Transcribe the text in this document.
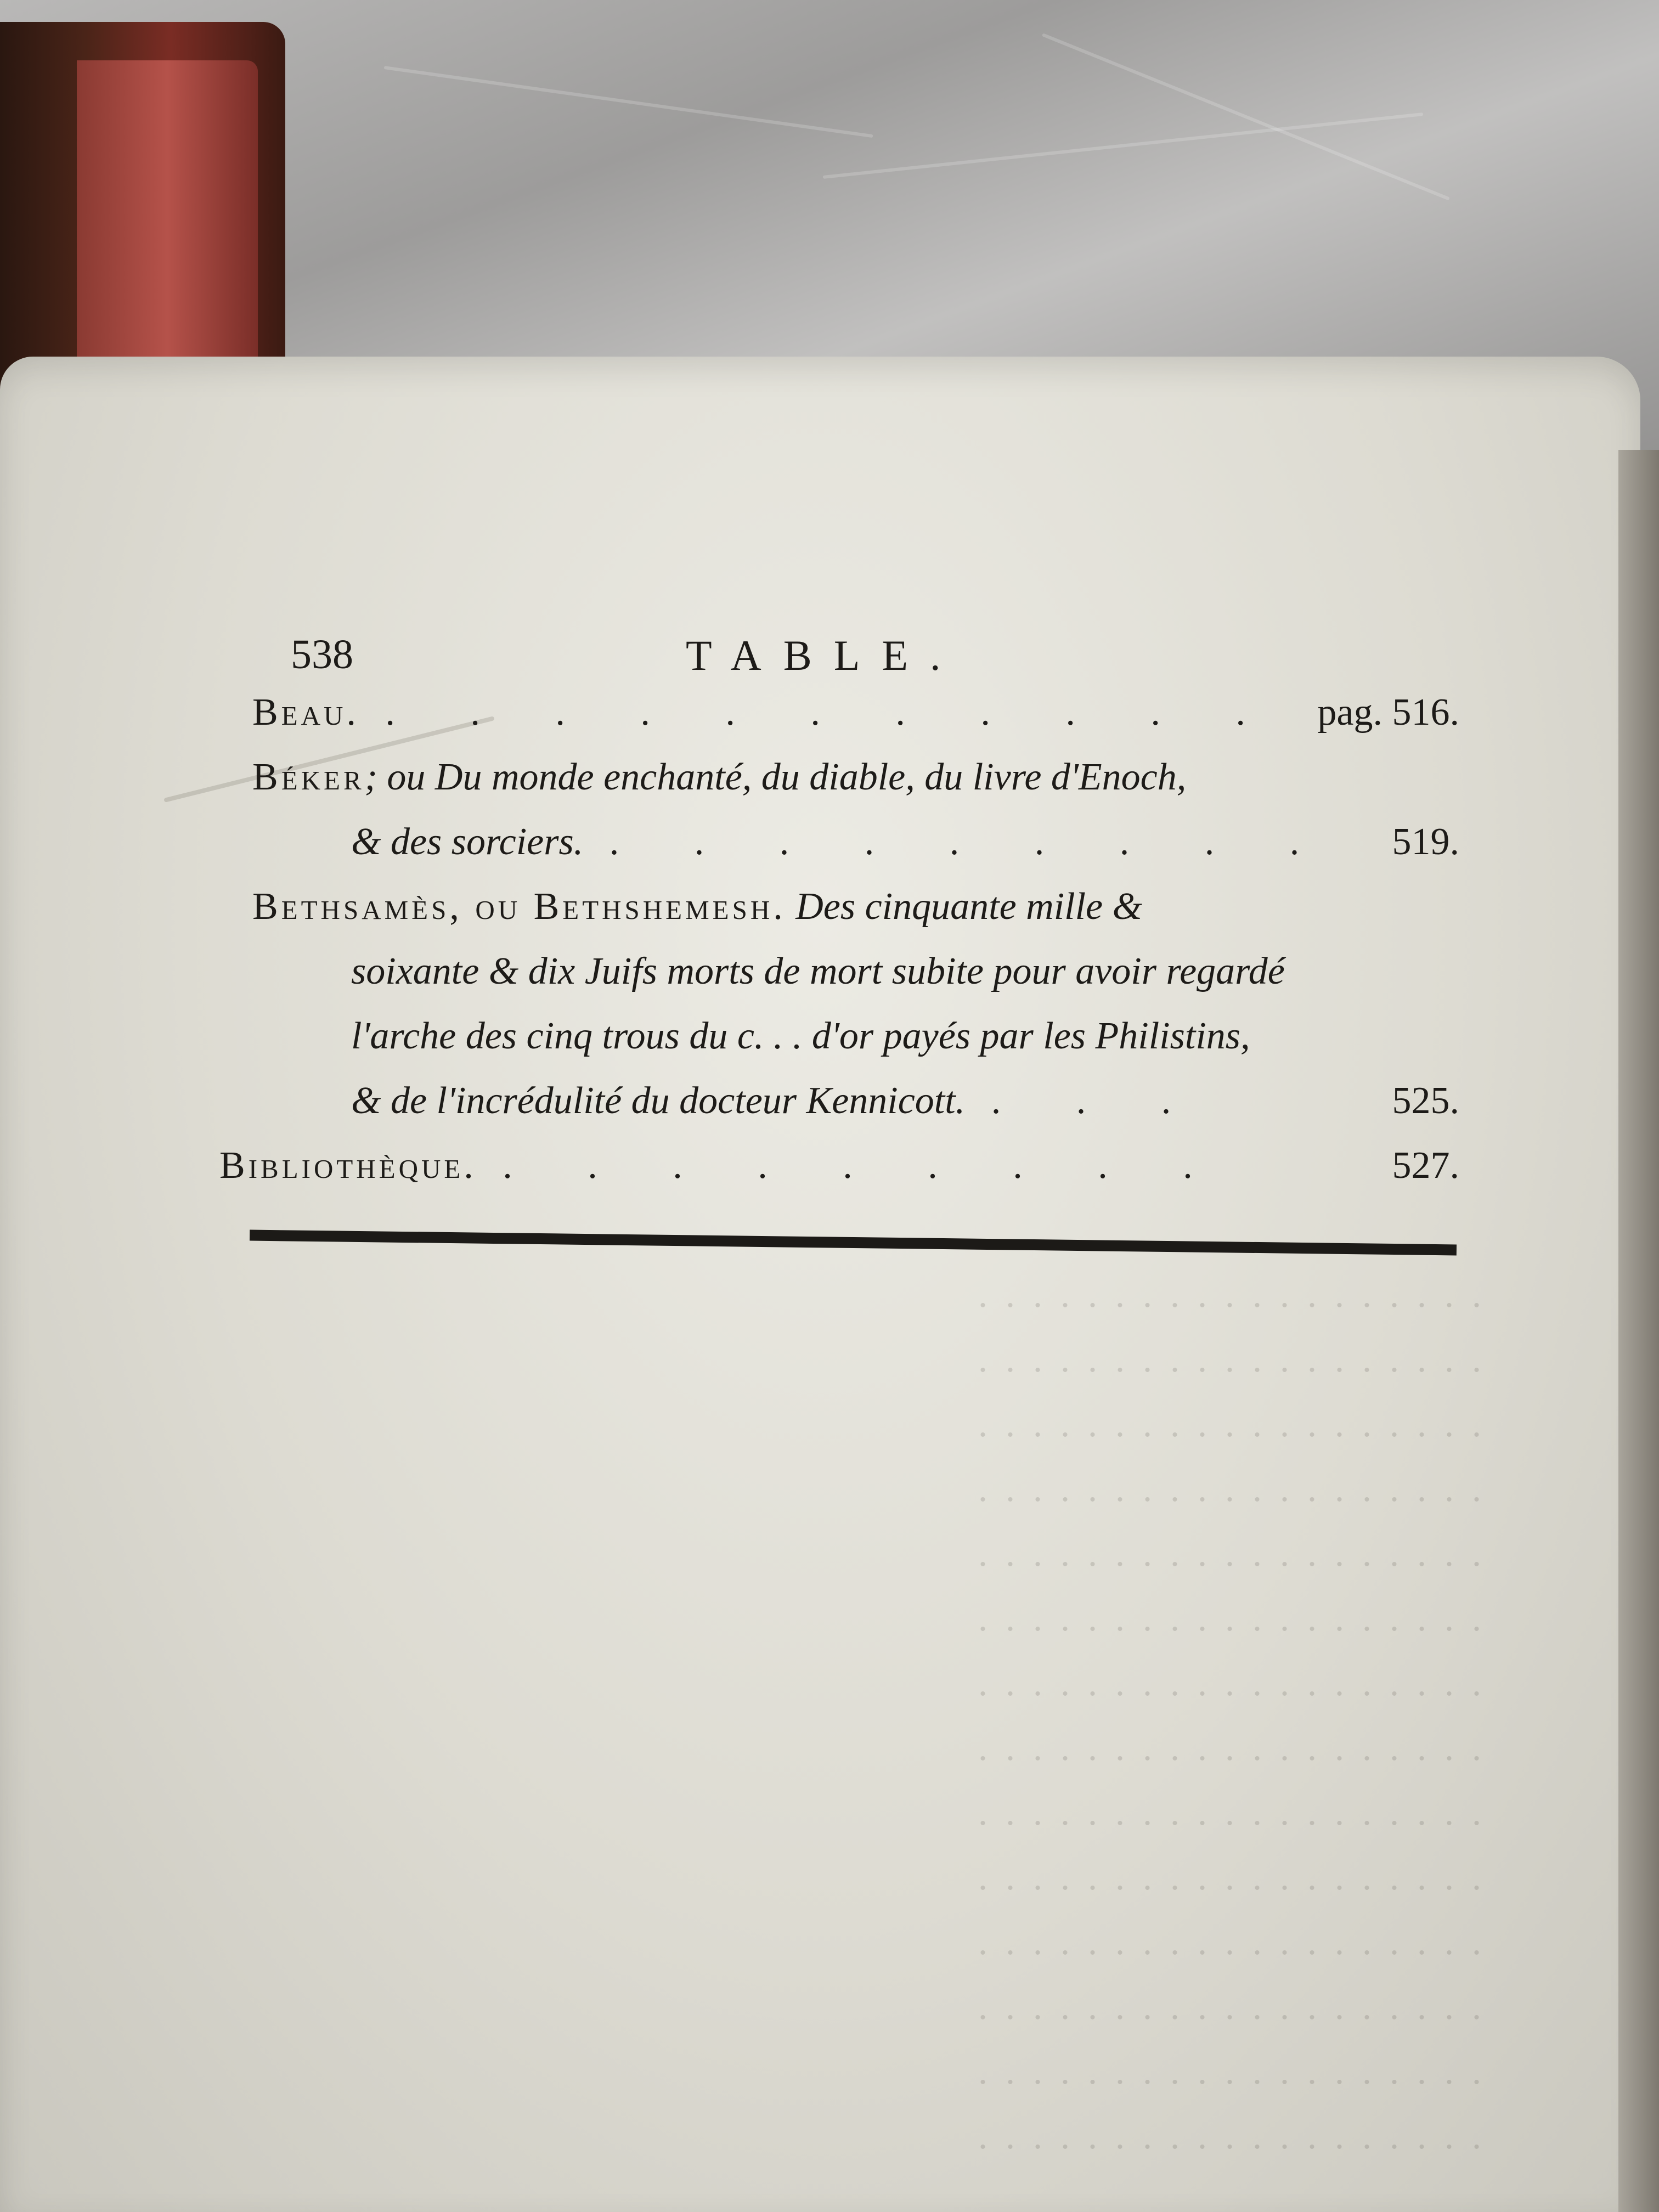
538	TABLE.
Beau. . . . . . . . . . . . pag. 516.
Béker; ou Du monde enchanté, du diable, du livre d'Enoch,
& des sorciers. . . . . . . . . . 519.
Bethsamès, ou Bethshemesh. Des cinquante mille &
soixante & dix Juifs morts de mort subite pour avoir regardé
l'arche des cinq trous du c. . . d'or payés par les Philistins,
& de l'incrédulité du docteur Kennicott. . . .	525.
Bibliothèque. . . . . . . . . .	527.
. . . . . . . . . . . . . . . . . . .
. . . . . . . . . . . . . . . . . . .
. . . . . . . . . . . . . . . . . . .
. . . . . . . . . . . . . . . . . . .
. . . . . . . . . . . . . . . . . . .
. . . . . . . . . . . . . . . . . . .
. . . . . . . . . . . . . . . . . . .
. . . . . . . . . . . . . . . . . . .
. . . . . . . . . . . . . . . . . . .
. . . . . . . . . . . . . . . . . . .
. . . . . . . . . . . . . . . . . . .
. . . . . . . . . . . . . . . . . . .
. . . . . . . . . . . . . . . . . . .
. . . . . . . . . . . . . . . . . . .
